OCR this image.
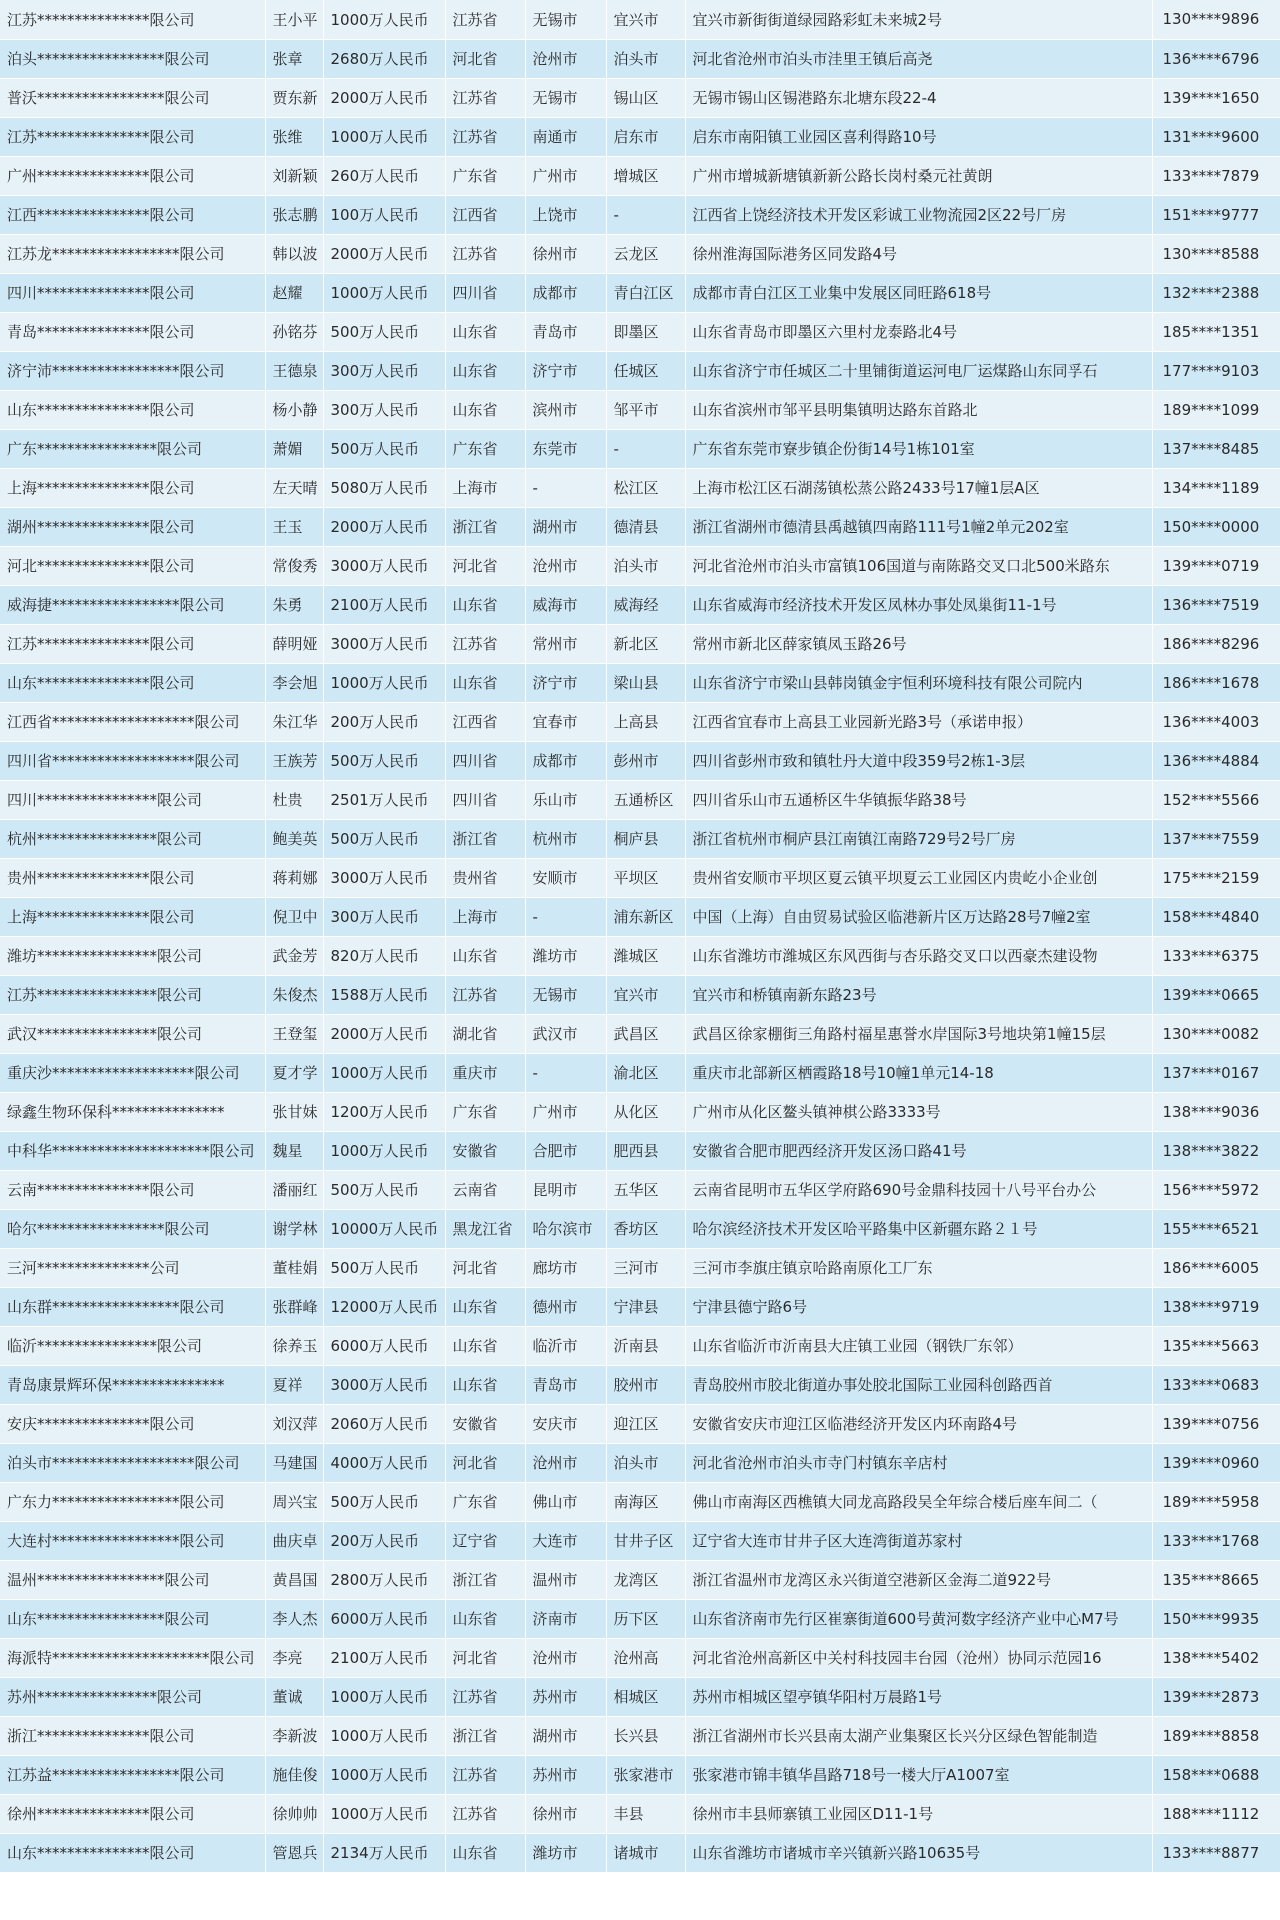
江苏***************限公司	王小平	1000万人民币	江苏省	无锡市	宜兴市	宜兴市新街街道绿园路彩虹未来城2号	130****9896
泊头*****************限公司	张章	2680万人民币	河北省	沧州市	泊头市	河北省沧州市泊头市洼里王镇后高尧	136****6796
普沃*****************限公司	贾东新	2000万人民币	江苏省	无锡市	锡山区	无锡市锡山区锡港路东北塘东段22-4	139****1650
江苏***************限公司	张维	1000万人民币	江苏省	南通市	启东市	启东市南阳镇工业园区喜利得路10号	131****9600
广州***************限公司	刘新颖	260万人民币	广东省	广州市	增城区	广州市增城新塘镇新新公路长岗村桑元社黄朗	133****7879
江西***************限公司	张志鹏	100万人民币	江西省	上饶市	-	江西省上饶经济技术开发区彩诚工业物流园2区22号厂房	151****9777
江苏龙*****************限公司	韩以波	2000万人民币	江苏省	徐州市	云龙区	徐州淮海国际港务区同发路4号	130****8588
四川***************限公司	赵耀	1000万人民币	四川省	成都市	青白江区	成都市青白江区工业集中发展区同旺路618号	132****2388
青岛***************限公司	孙铭芬	500万人民币	山东省	青岛市	即墨区	山东省青岛市即墨区六里村龙泰路北4号	185****1351
济宁沛*****************限公司	王德泉	300万人民币	山东省	济宁市	任城区	山东省济宁市任城区二十里铺街道运河电厂运煤路山东同孚石	177****9103
山东***************限公司	杨小静	300万人民币	山东省	滨州市	邹平市	山东省滨州市邹平县明集镇明达路东首路北	189****1099
广东****************限公司	萧媚	500万人民币	广东省	东莞市	-	广东省东莞市寮步镇企份街14号1栋101室	137****8485
上海***************限公司	左天晴	5080万人民币	上海市	-	松江区	上海市松江区石湖荡镇松蒸公路2433号17幢1层A区	134****1189
湖州***************限公司	王玉	2000万人民币	浙江省	湖州市	德清县	浙江省湖州市德清县禹越镇四南路111号1幢2单元202室	150****0000
河北***************限公司	常俊秀	3000万人民币	河北省	沧州市	泊头市	河北省沧州市泊头市富镇106国道与南陈路交叉口北500米路东	139****0719
威海捷*****************限公司	朱勇	2100万人民币	山东省	威海市	威海经	山东省威海市经济技术开发区凤林办事处凤巢街11-1号	136****7519
江苏***************限公司	薛明娅	3000万人民币	江苏省	常州市	新北区	常州市新北区薛家镇凤玉路26号	186****8296
山东***************限公司	李会旭	1000万人民币	山东省	济宁市	梁山县	山东省济宁市梁山县韩岗镇金宇恒利环境科技有限公司院内	186****1678
江西省*******************限公司	朱江华	200万人民币	江西省	宜春市	上高县	江西省宜春市上高县工业园新光路3号（承诺申报）	136****4003
四川省*******************限公司	王族芳	500万人民币	四川省	成都市	彭州市	四川省彭州市致和镇牡丹大道中段359号2栋1-3层	136****4884
四川****************限公司	杜贵	2501万人民币	四川省	乐山市	五通桥区	四川省乐山市五通桥区牛华镇振华路38号	152****5566
杭州****************限公司	鲍美英	500万人民币	浙江省	杭州市	桐庐县	浙江省杭州市桐庐县江南镇江南路729号2号厂房	137****7559
贵州***************限公司	蒋莉娜	3000万人民币	贵州省	安顺市	平坝区	贵州省安顺市平坝区夏云镇平坝夏云工业园区内贵屹小企业创	175****2159
上海***************限公司	倪卫中	300万人民币	上海市	-	浦东新区	中国（上海）自由贸易试验区临港新片区万达路28号7幢2室	158****4840
潍坊****************限公司	武金芳	820万人民币	山东省	潍坊市	潍城区	山东省潍坊市潍城区东风西街与杏乐路交叉口以西豪杰建设物	133****6375
江苏****************限公司	朱俊杰	1588万人民币	江苏省	无锡市	宜兴市	宜兴市和桥镇南新东路23号	139****0665
武汉****************限公司	王登玺	2000万人民币	湖北省	武汉市	武昌区	武昌区徐家棚街三角路村福星惠誉水岸国际3号地块第1幢15层	130****0082
重庆沙*******************限公司	夏才学	1000万人民币	重庆市	-	渝北区	重庆市北部新区栖霞路18号10幢1单元14-18	137****0167
绿鑫生物环保科***************	张甘妹	1200万人民币	广东省	广州市	从化区	广州市从化区鳌头镇神棋公路3333号	138****9036
中科华*********************限公司	魏星	1000万人民币	安徽省	合肥市	肥西县	安徽省合肥市肥西经济开发区汤口路41号	138****3822
云南***************限公司	潘丽红	500万人民币	云南省	昆明市	五华区	云南省昆明市五华区学府路690号金鼎科技园十八号平台办公	156****5972
哈尔*****************限公司	谢学林	10000万人民币	黑龙江省	哈尔滨市	香坊区	哈尔滨经济技术开发区哈平路集中区新疆东路２１号	155****6521
三河***************公司	董桂娟	500万人民币	河北省	廊坊市	三河市	三河市李旗庄镇京哈路南原化工厂东	186****6005
山东群*****************限公司	张群峰	12000万人民币	山东省	德州市	宁津县	宁津县德宁路6号	138****9719
临沂****************限公司	徐养玉	6000万人民币	山东省	临沂市	沂南县	山东省临沂市沂南县大庄镇工业园（钢铁厂东邻）	135****5663
青岛康景辉环保***************	夏祥	3000万人民币	山东省	青岛市	胶州市	青岛胶州市胶北街道办事处胶北国际工业园科创路西首	133****0683
安庆***************限公司	刘汉萍	2060万人民币	安徽省	安庆市	迎江区	安徽省安庆市迎江区临港经济开发区内环南路4号	139****0756
泊头市*******************限公司	马建国	4000万人民币	河北省	沧州市	泊头市	河北省沧州市泊头市寺门村镇东辛店村	139****0960
广东力*****************限公司	周兴宝	500万人民币	广东省	佛山市	南海区	佛山市南海区西樵镇大同龙高路段吴全年综合楼后座车间二（	189****5958
大连村*****************限公司	曲庆卓	200万人民币	辽宁省	大连市	甘井子区	辽宁省大连市甘井子区大连湾街道苏家村	133****1768
温州*****************限公司	黄昌国	2800万人民币	浙江省	温州市	龙湾区	浙江省温州市龙湾区永兴街道空港新区金海二道922号	135****8665
山东*****************限公司	李人杰	6000万人民币	山东省	济南市	历下区	山东省济南市先行区崔寨街道600号黄河数字经济产业中心M7号	150****9935
海派特*********************限公司	李亮	2100万人民币	河北省	沧州市	沧州高	河北省沧州高新区中关村科技园丰台园（沧州）协同示范园16	138****5402
苏州****************限公司	董诚	1000万人民币	江苏省	苏州市	相城区	苏州市相城区望亭镇华阳村万晨路1号	139****2873
浙江***************限公司	李新波	1000万人民币	浙江省	湖州市	长兴县	浙江省湖州市长兴县南太湖产业集聚区长兴分区绿色智能制造	189****8858
江苏益*****************限公司	施佳俊	1000万人民币	江苏省	苏州市	张家港市	张家港市锦丰镇华昌路718号一楼大厅A1007室	158****0688
徐州***************限公司	徐帅帅	1000万人民币	江苏省	徐州市	丰县	徐州市丰县师寨镇工业园区D11-1号	188****1112
山东***************限公司	管恩兵	2134万人民币	山东省	潍坊市	诸城市	山东省潍坊市诸城市辛兴镇新兴路10635号	133****8877
